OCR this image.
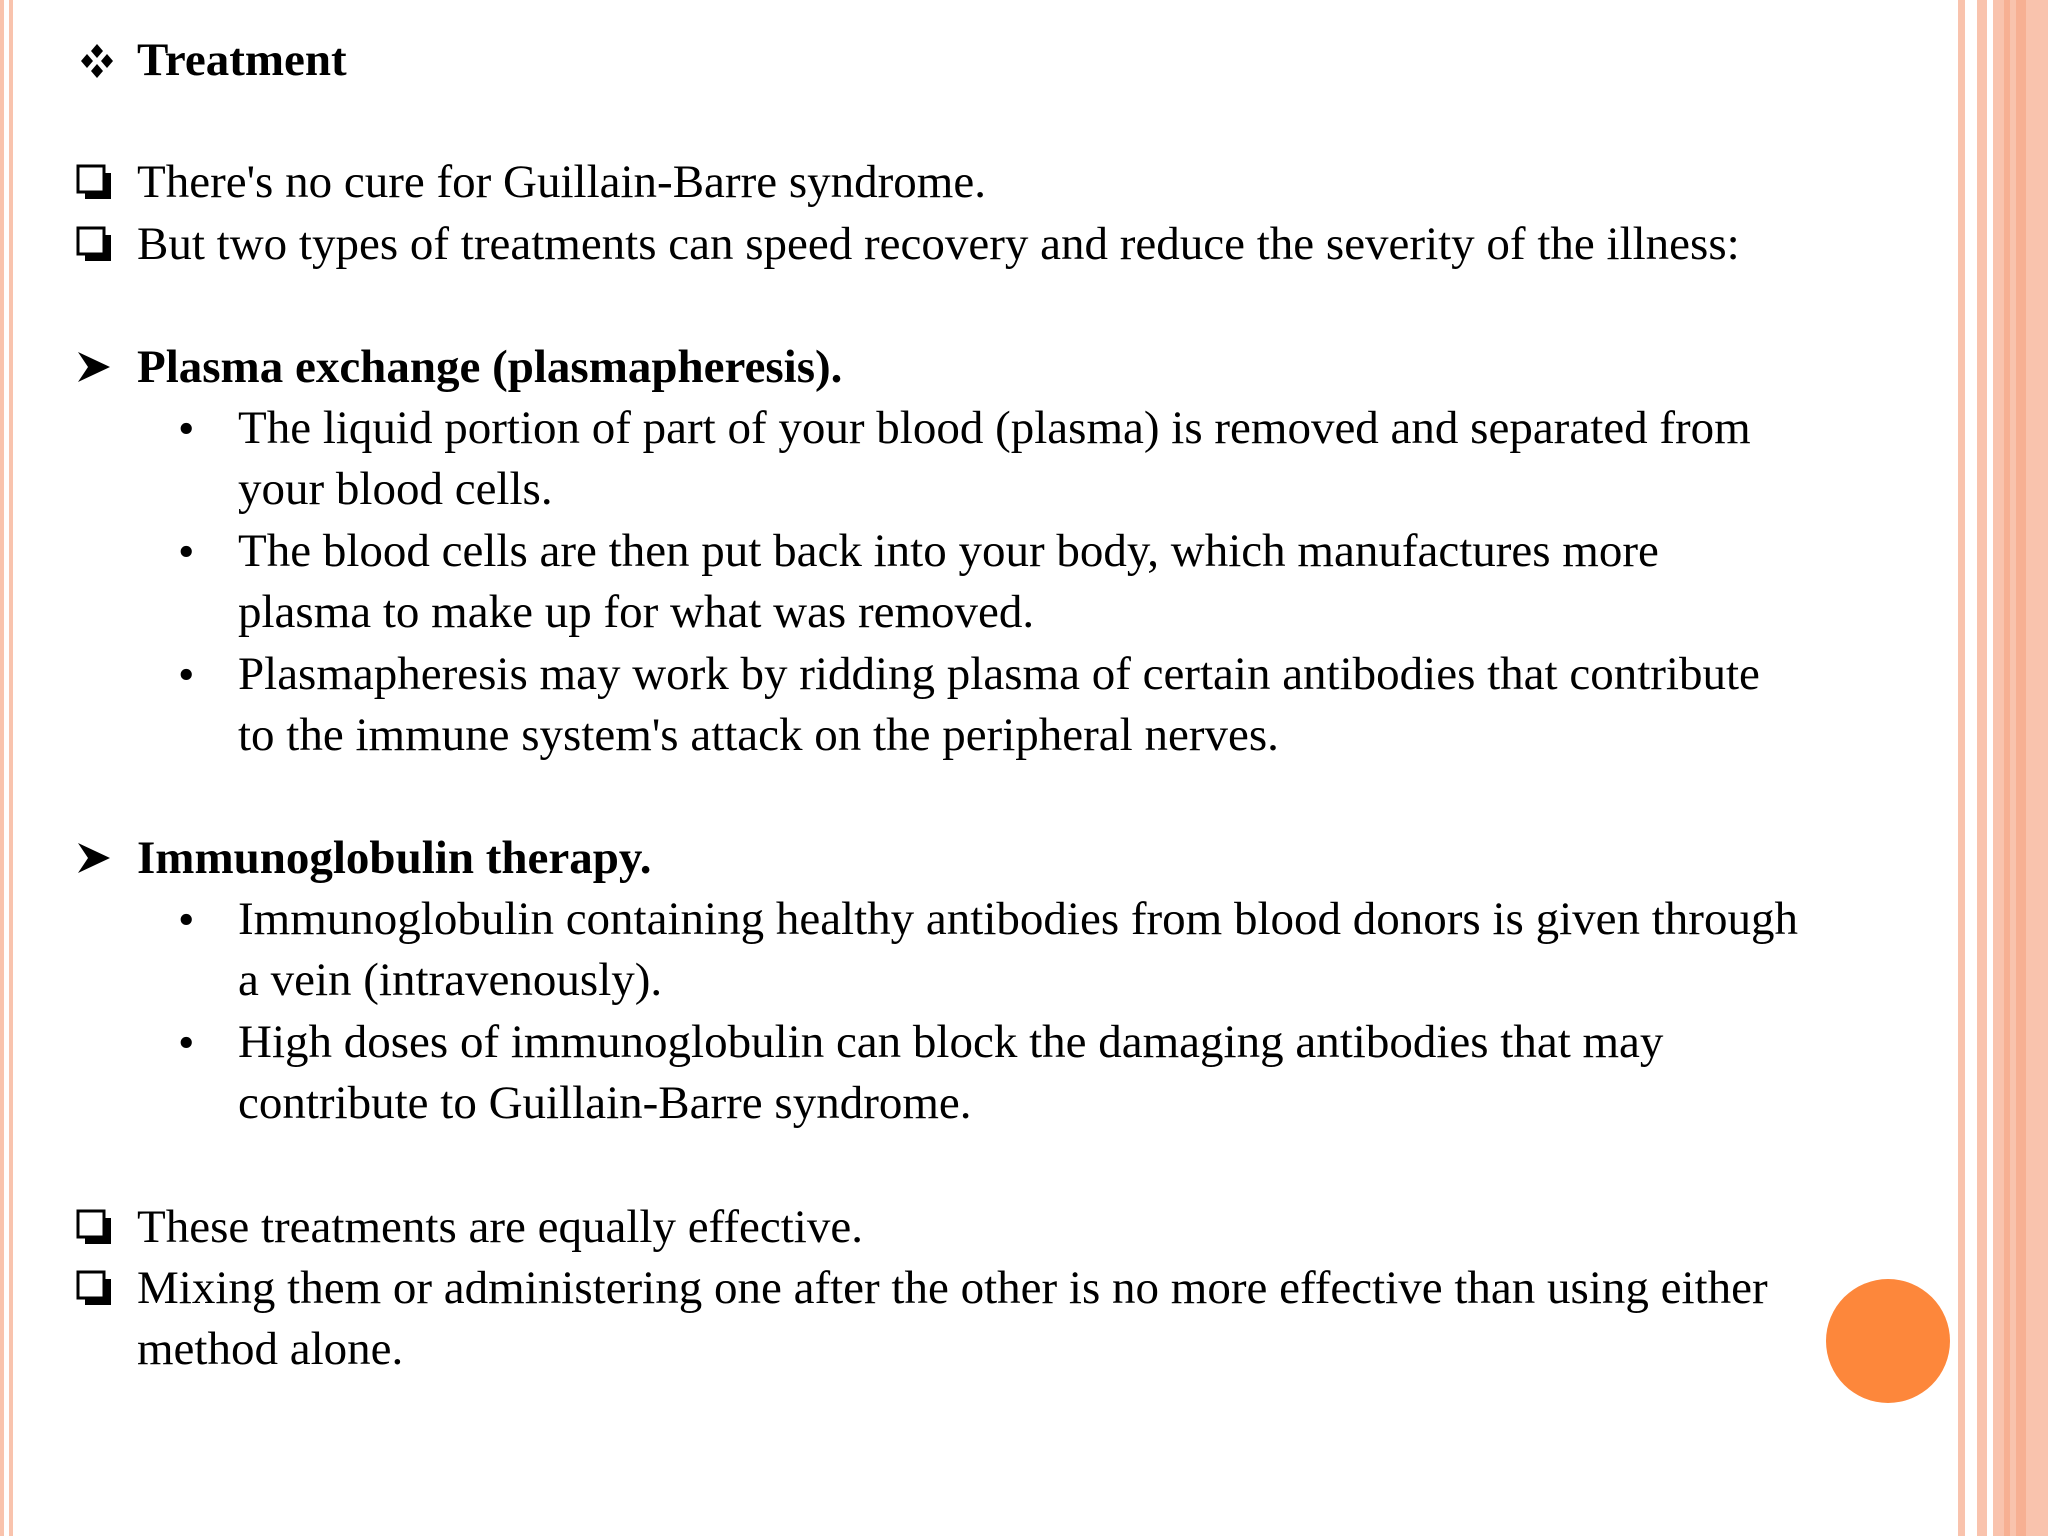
Treatment
There's no cure for Guillain-Barre syndrome.
But two types of treatments can speed recovery and reduce the severity of the illness:
Plasma exchange (plasmapheresis).
• The liquid portion of part of your blood (plasma) is removed and separated from
your blood cells.
• The blood cells are then put back into your body, which manufactures more
plasma to make up for what was removed.
• Plasmapheresis may work by ridding plasma of certain antibodies that contribute
to the immune system's attack on the peripheral nerves.
Immunoglobulin therapy.
• Immunoglobulin containing healthy antibodies from blood donors is given through
a vein (intravenously).
• High doses of immunoglobulin can block the damaging antibodies that may
contribute to Guillain-Barre syndrome.
These treatments are equally effective.
Mixing them or administering one after the other is no more effective than using either
method alone.
